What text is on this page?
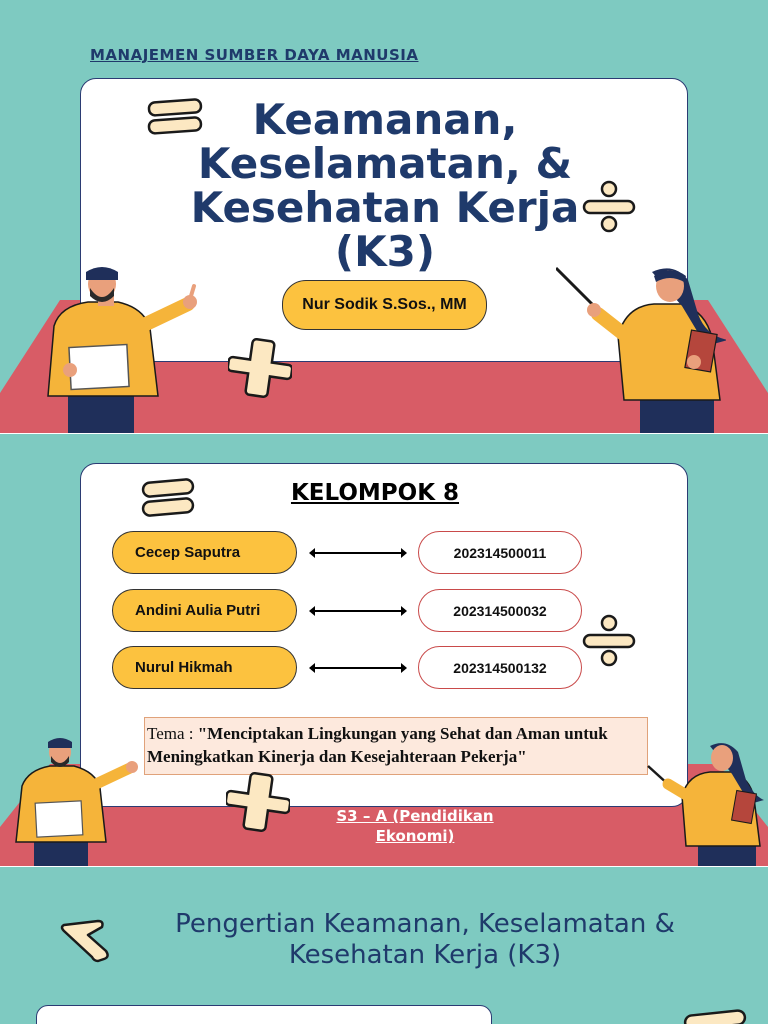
MANAJEMEN SUMBER DAYA MANUSIA
Keamanan,
Keselamatan, &
Kesehatan Kerja
(K3)
Nur Sodik S.Sos., MM
KELOMPOK 8
Cecep Saputra	202314500011
Andini Aulia Putri	202314500032
Nurul Hikmah	202314500132
Tema : "Menciptakan Lingkungan yang Sehat dan Aman untuk Meningkatkan Kinerja dan Kesejahteraan Pekerja"
S3 – A (Pendidikan Ekonomi)
Pengertian Keamanan, Keselamatan &
Kesehatan Kerja (K3)
